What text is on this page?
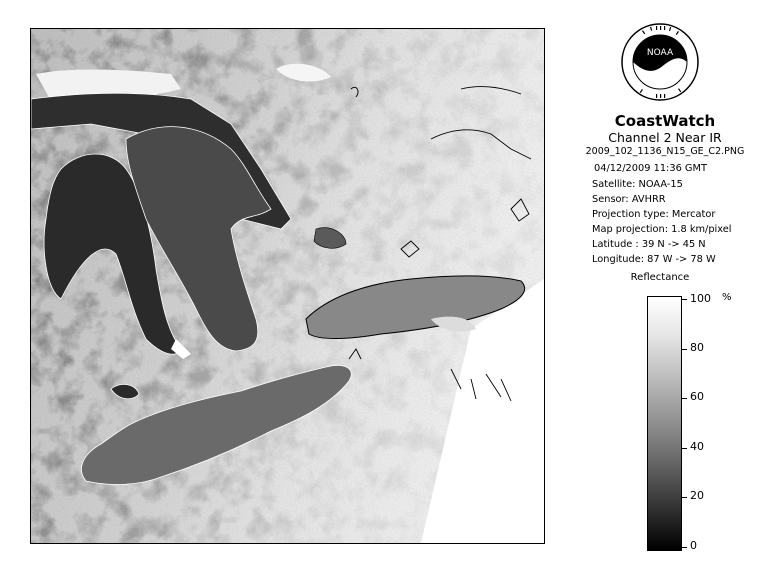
NOAA
CoastWatch
Channel 2 Near IR
2009_102_1136_N15_GE_C2.PNG
04/12/2009 11:36 GMT
Satellite: NOAA-15
Sensor: AVHRR
Projection type: Mercator
Map projection: 1.8 km/pixel
Latitude : 39 N -> 45 N
Longitude: 87 W -> 78 W
Reflectance
%
100
80
60
40
20
0
